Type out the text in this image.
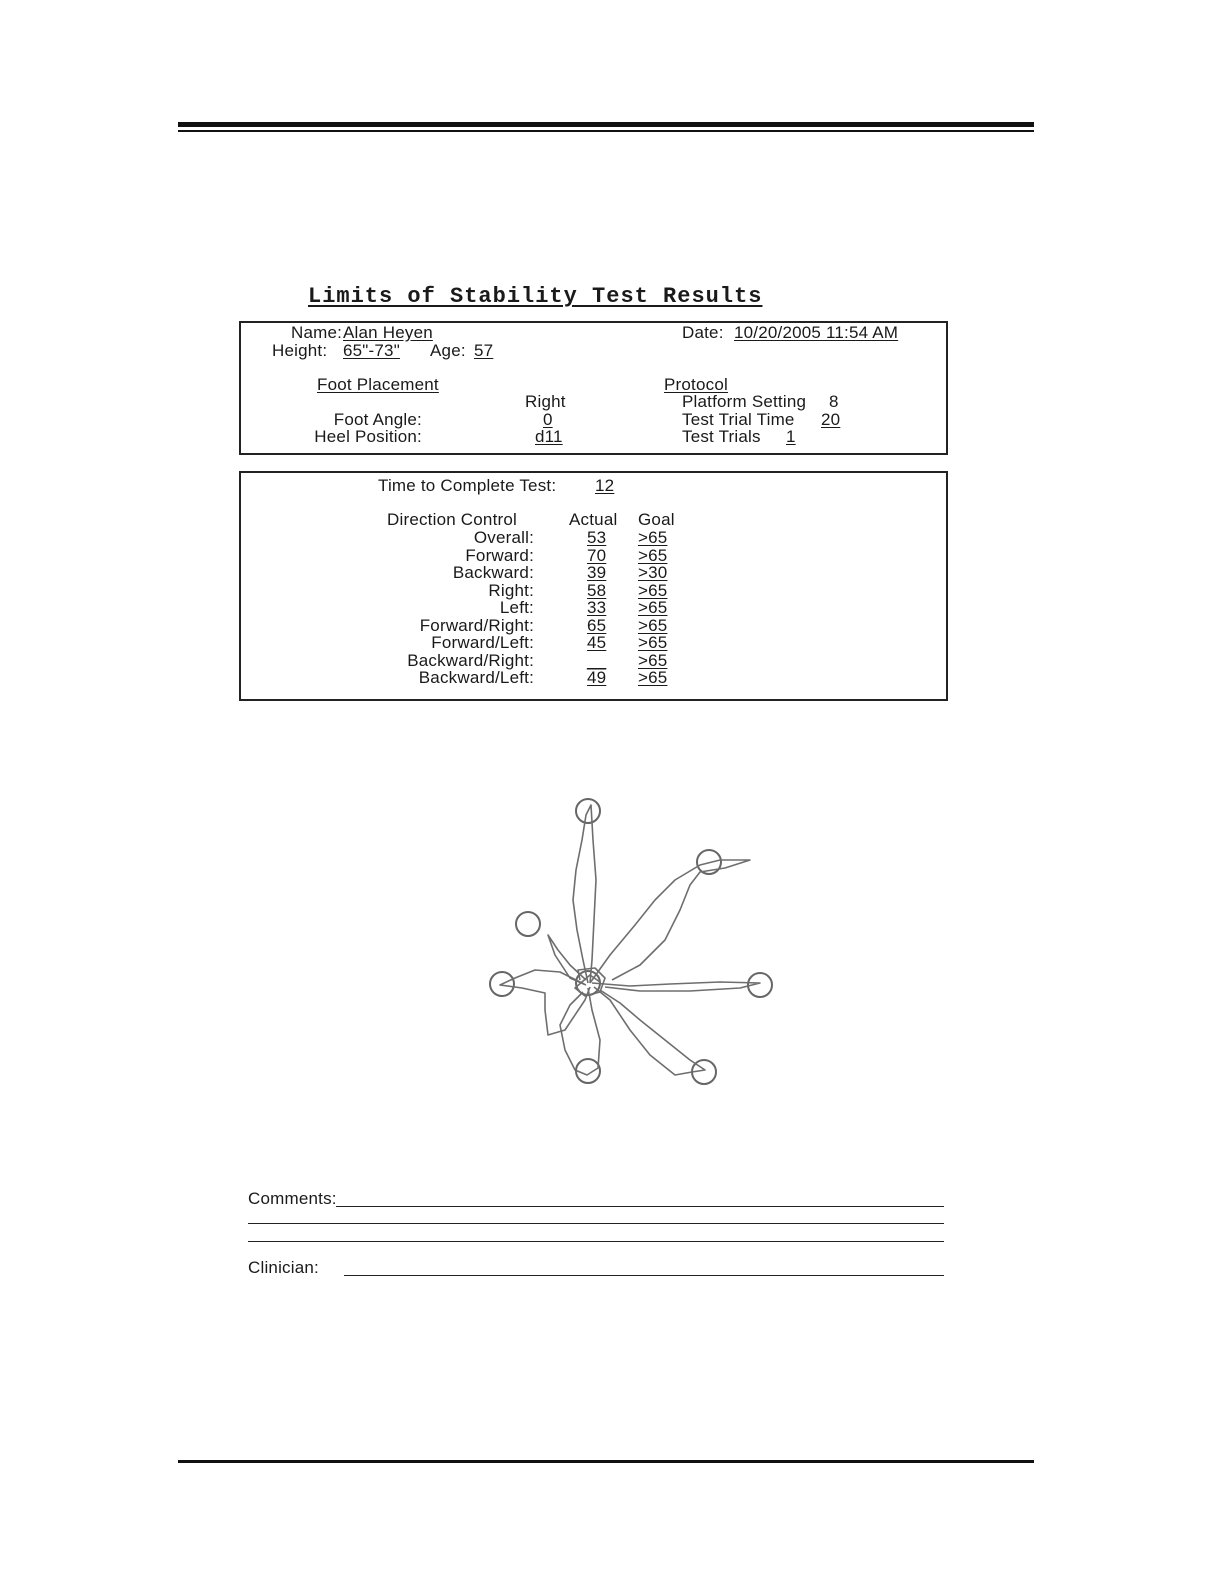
Limits of Stability Test Results
Name: Alan Heyen
Height: 65"-73" Age: 57
Date: 10/20/2005 11:54 AM
Foot Placement
Right
Foot Angle:	0
Heel Position:	d11
Protocol
Platform Setting 8
Test Trial Time 20
Test Trials 1
Time to Complete Test: 12
Direction Control	Actual Goal
Overall:	53 >65
Forward:	70 >65
Backward:	39 >30
Right:	58 >65
Left:	33 >65
Forward/Right:	65 >65
Forward/Left:	45 >65
Backward/Right:	__ >65
Backward/Left:	49 >65
Comments:
Clinician:
